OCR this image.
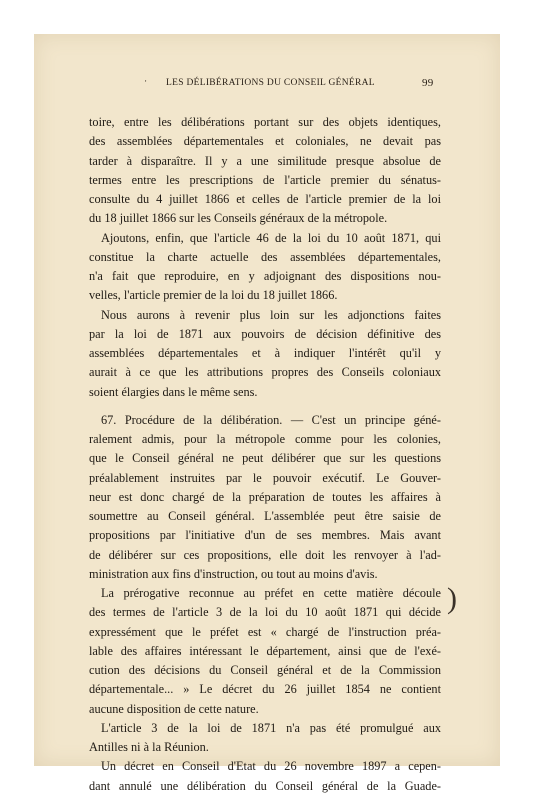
· LES DÉLIBÉRATIONS DU CONSEIL GÉNÉRAL	99

toire, entre les délibérations portant sur des objets identiques,
des assemblées départementales et coloniales, ne devait pas
tarder à disparaître. Il y a une similitude presque absolue de
termes entre les prescriptions de l'article premier du sénatus-
consulte du 4 juillet 1866 et celles de l'article premier de la loi
du 18 juillet 1866 sur les Conseils généraux de la métropole.

Ajoutons, enfin, que l'article 46 de la loi du 10 août 1871, qui
constitue la charte actuelle des assemblées départementales,
n'a fait que reproduire, en y adjoignant des dispositions nou-
velles, l'article premier de la loi du 18 juillet 1866.

Nous aurons à revenir plus loin sur les adjonctions faites
par la loi de 1871 aux pouvoirs de décision définitive des
assemblées départementales et à indiquer l'intérêt qu'il y
aurait à ce que les attributions propres des Conseils coloniaux
soient élargies dans le même sens.

67. Procédure de la délibération. — C'est un principe géné-
ralement admis, pour la métropole comme pour les colonies,
que le Conseil général ne peut délibérer que sur les questions
préalablement instruites par le pouvoir exécutif. Le Gouver-
neur est donc chargé de la préparation de toutes les affaires à
soumettre au Conseil général. L'assemblée peut être saisie de
propositions par l'initiative d'un de ses membres. Mais avant
de délibérer sur ces propositions, elle doit les renvoyer à l'ad-
ministration aux fins d'instruction, ou tout au moins d'avis.

La prérogative reconnue au préfet en cette matière découle
des termes de l'article 3 de la loi du 10 août 1871 qui décide
expressément que le préfet est « chargé de l'instruction préa-
lable des affaires intéressant le département, ainsi que de l'exé-
cution des décisions du Conseil général et de la Commission
départementale... » Le décret du 26 juillet 1854 ne contient
aucune disposition de cette nature.

L'article 3 de la loi de 1871 n'a pas été promulgué aux
Antilles ni à la Réunion.

Un décret en Conseil d'Etat du 26 novembre 1897 a cepen-
dant annulé une délibération du Conseil général de la Guade-

)
